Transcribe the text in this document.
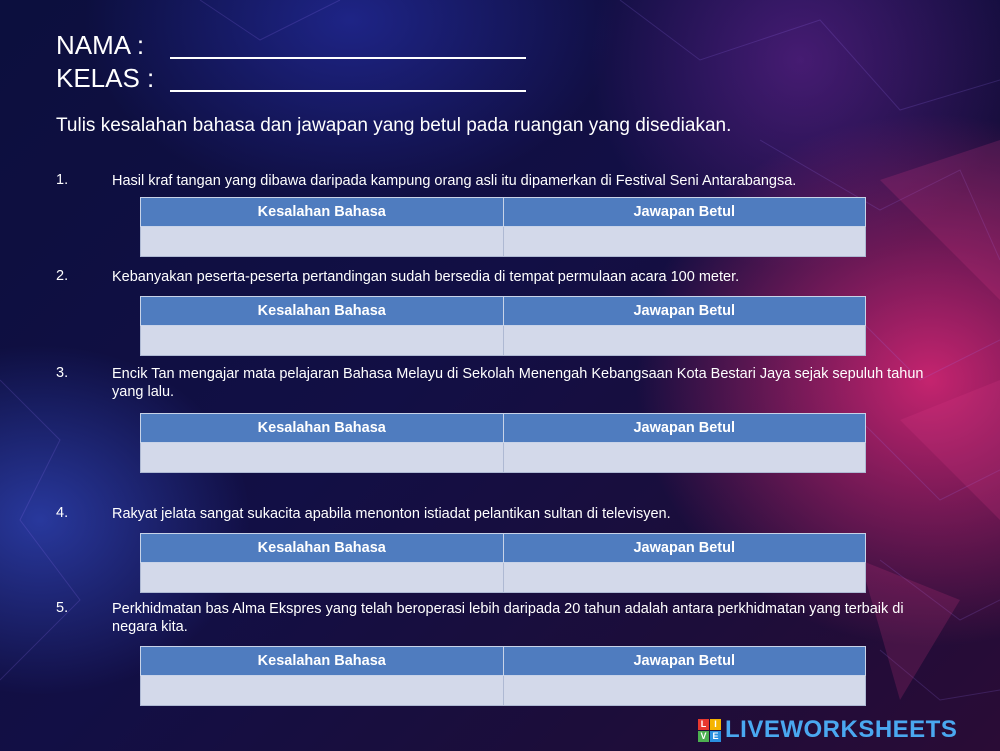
NAMA :
KELAS :
Tulis kesalahan bahasa dan jawapan yang betul pada ruangan yang disediakan.
1.	Hasil kraf tangan yang dibawa daripada kampung orang asli itu dipamerkan di Festival Seni Antarabangsa.
Kesalahan Bahasa	Jawapan Betul

2.	Kebanyakan peserta-peserta pertandingan sudah bersedia di tempat permulaan acara 100 meter.
Kesalahan Bahasa	Jawapan Betul

3.	Encik Tan mengajar mata pelajaran Bahasa Melayu di Sekolah Menengah Kebangsaan Kota Bestari Jaya sejak sepuluh tahun yang lalu.
Kesalahan Bahasa	Jawapan Betul

4.	Rakyat jelata sangat sukacita apabila menonton istiadat pelantikan sultan di televisyen.
Kesalahan Bahasa	Jawapan Betul

5.	Perkhidmatan bas Alma Ekspres yang telah beroperasi lebih daripada 20 tahun adalah antara perkhidmatan yang terbaik di negara kita.
Kesalahan Bahasa	Jawapan Betul

L I
V E LIVEWORKSHEETS
